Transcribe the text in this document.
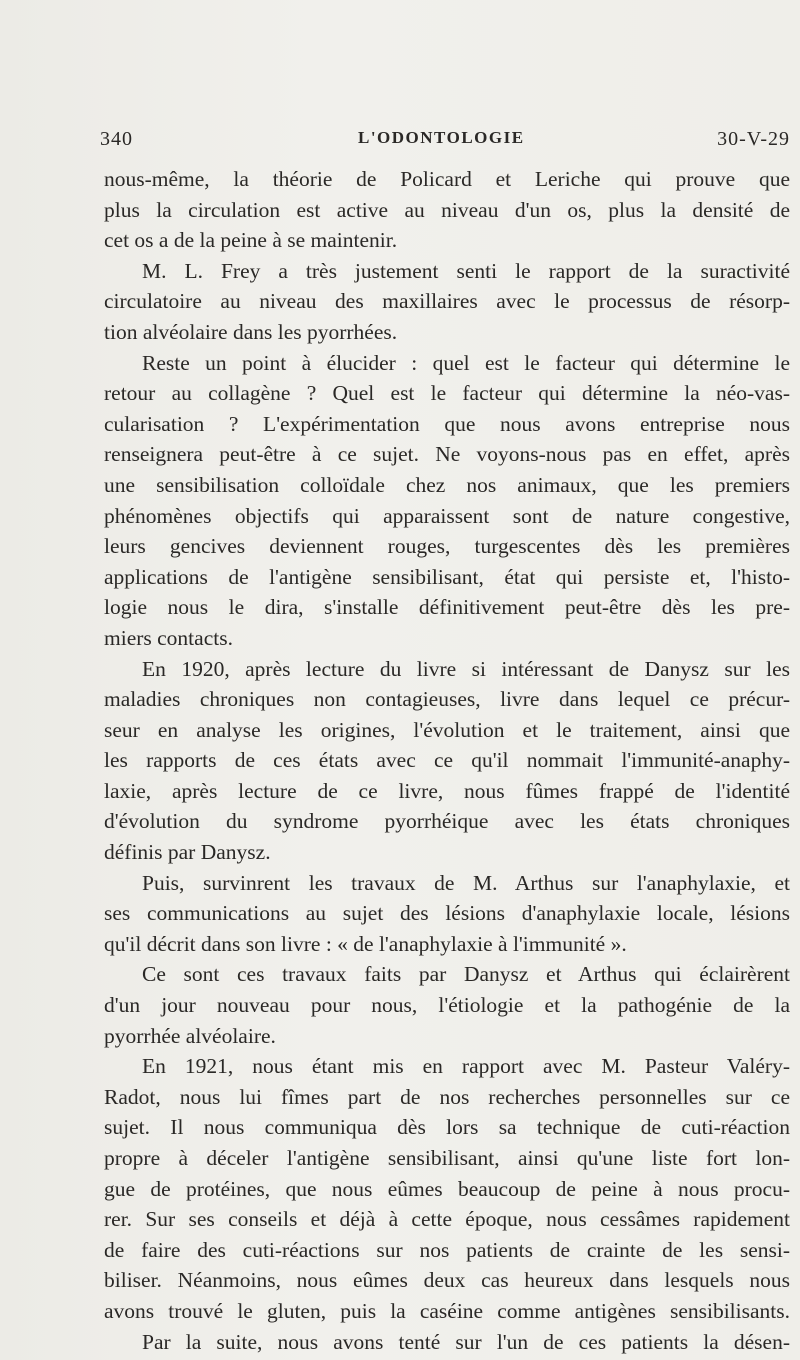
340	L'ODONTOLOGIE	30-V-29
nous-même, la théorie de Policard et Leriche qui prouve que
plus la circulation est active au niveau d'un os, plus la densité de
cet os a de la peine à se maintenir.
M. L. Frey a très justement senti le rapport de la suractivité
circulatoire au niveau des maxillaires avec le processus de résorp-
tion alvéolaire dans les pyorrhées.
Reste un point à élucider : quel est le facteur qui détermine le
retour au collagène ? Quel est le facteur qui détermine la néo-vas-
cularisation ? L'expérimentation que nous avons entreprise nous
renseignera peut-être à ce sujet. Ne voyons-nous pas en effet, après
une sensibilisation colloïdale chez nos animaux, que les premiers
phénomènes objectifs qui apparaissent sont de nature congestive,
leurs gencives deviennent rouges, turgescentes dès les premières
applications de l'antigène sensibilisant, état qui persiste et, l'histo-
logie nous le dira, s'installe définitivement peut-être dès les pre-
miers contacts.
En 1920, après lecture du livre si intéressant de Danysz sur les
maladies chroniques non contagieuses, livre dans lequel ce précur-
seur en analyse les origines, l'évolution et le traitement, ainsi que
les rapports de ces états avec ce qu'il nommait l'immunité-anaphy-
laxie, après lecture de ce livre, nous fûmes frappé de l'identité
d'évolution du syndrome pyorrhéique avec les états chroniques
définis par Danysz.
Puis, survinrent les travaux de M. Arthus sur l'anaphylaxie, et
ses communications au sujet des lésions d'anaphylaxie locale, lésions
qu'il décrit dans son livre : « de l'anaphylaxie à l'immunité ».
Ce sont ces travaux faits par Danysz et Arthus qui éclairèrent
d'un jour nouveau pour nous, l'étiologie et la pathogénie de la
pyorrhée alvéolaire.
En 1921, nous étant mis en rapport avec M. Pasteur Valéry-
Radot, nous lui fîmes part de nos recherches personnelles sur ce
sujet. Il nous communiqua dès lors sa technique de cuti-réaction
propre à déceler l'antigène sensibilisant, ainsi qu'une liste fort lon-
gue de protéines, que nous eûmes beaucoup de peine à nous procu-
rer. Sur ses conseils et déjà à cette époque, nous cessâmes rapidement
de faire des cuti-réactions sur nos patients de crainte de les sensi-
biliser. Néanmoins, nous eûmes deux cas heureux dans lesquels nous
avons trouvé le gluten, puis la caséine comme antigènes sensibilisants.
Par la suite, nous avons tenté sur l'un de ces patients la désen-
